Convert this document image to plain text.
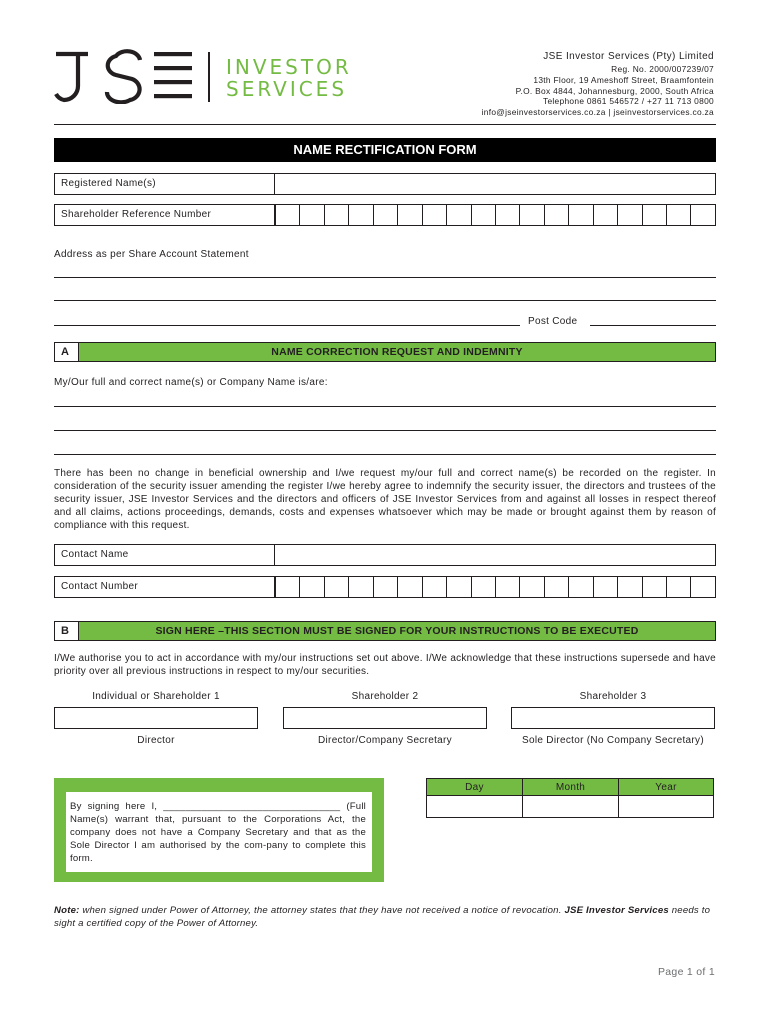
INVESTOR
SERVICES
JSE Investor Services (Pty) Limited
Reg. No. 2000/007239/07
13th Floor, 19 Ameshoff Street, Braamfontein
P.O. Box 4844, Johannesburg, 2000, South Africa
Telephone 0861 546572 / +27 11 713 0800
info@jseinvestorservices.co.za | jseinvestorservices.co.za
NAME RECTIFICATION FORM
Registered Name(s)
Shareholder Reference Number
Address as per Share Account Statement
Post Code
A	NAME CORRECTION REQUEST AND INDEMNITY
My/Our full and correct name(s) or Company Name is/are:
There has been no change in beneficial ownership and I/we request my/our full and correct name(s) be recorded on the register. In consideration of the security issuer amending the register I/we hereby agree to indemnify the security issuer, the directors and trustees of the security issuer, JSE Investor Services and the directors and officers of JSE Investor Services from and against all losses in respect thereof and all claims, actions proceedings, demands, costs and expenses whatsoever which may be made or brought against them by reason of compliance with this request.
Contact Name
Contact Number
B	SIGN HERE –THIS SECTION MUST BE SIGNED FOR YOUR INSTRUCTIONS TO BE EXECUTED
I/We authorise you to act in accordance with my/our instructions set out above. I/We acknowledge that these instructions supersede and have priority over all previous instructions in respect to my/our securities.
Individual or Shareholder 1	Shareholder 2	Shareholder 3
Director	Director/Company Secretary	Sole Director (No Company Secretary)
By signing here I, ________________________________ (Full Name(s) warrant that, pursuant to the Corporations Act, the company does not have a Company Secretary and that as the Sole Director I am authorised by the com-pany to complete this form.
Day	Month	Year
Note: when signed under Power of Attorney, the attorney states that they have not received a notice of revocation. JSE Investor Services needs to sight a certified copy of the Power of Attorney.
Page 1 of 1
